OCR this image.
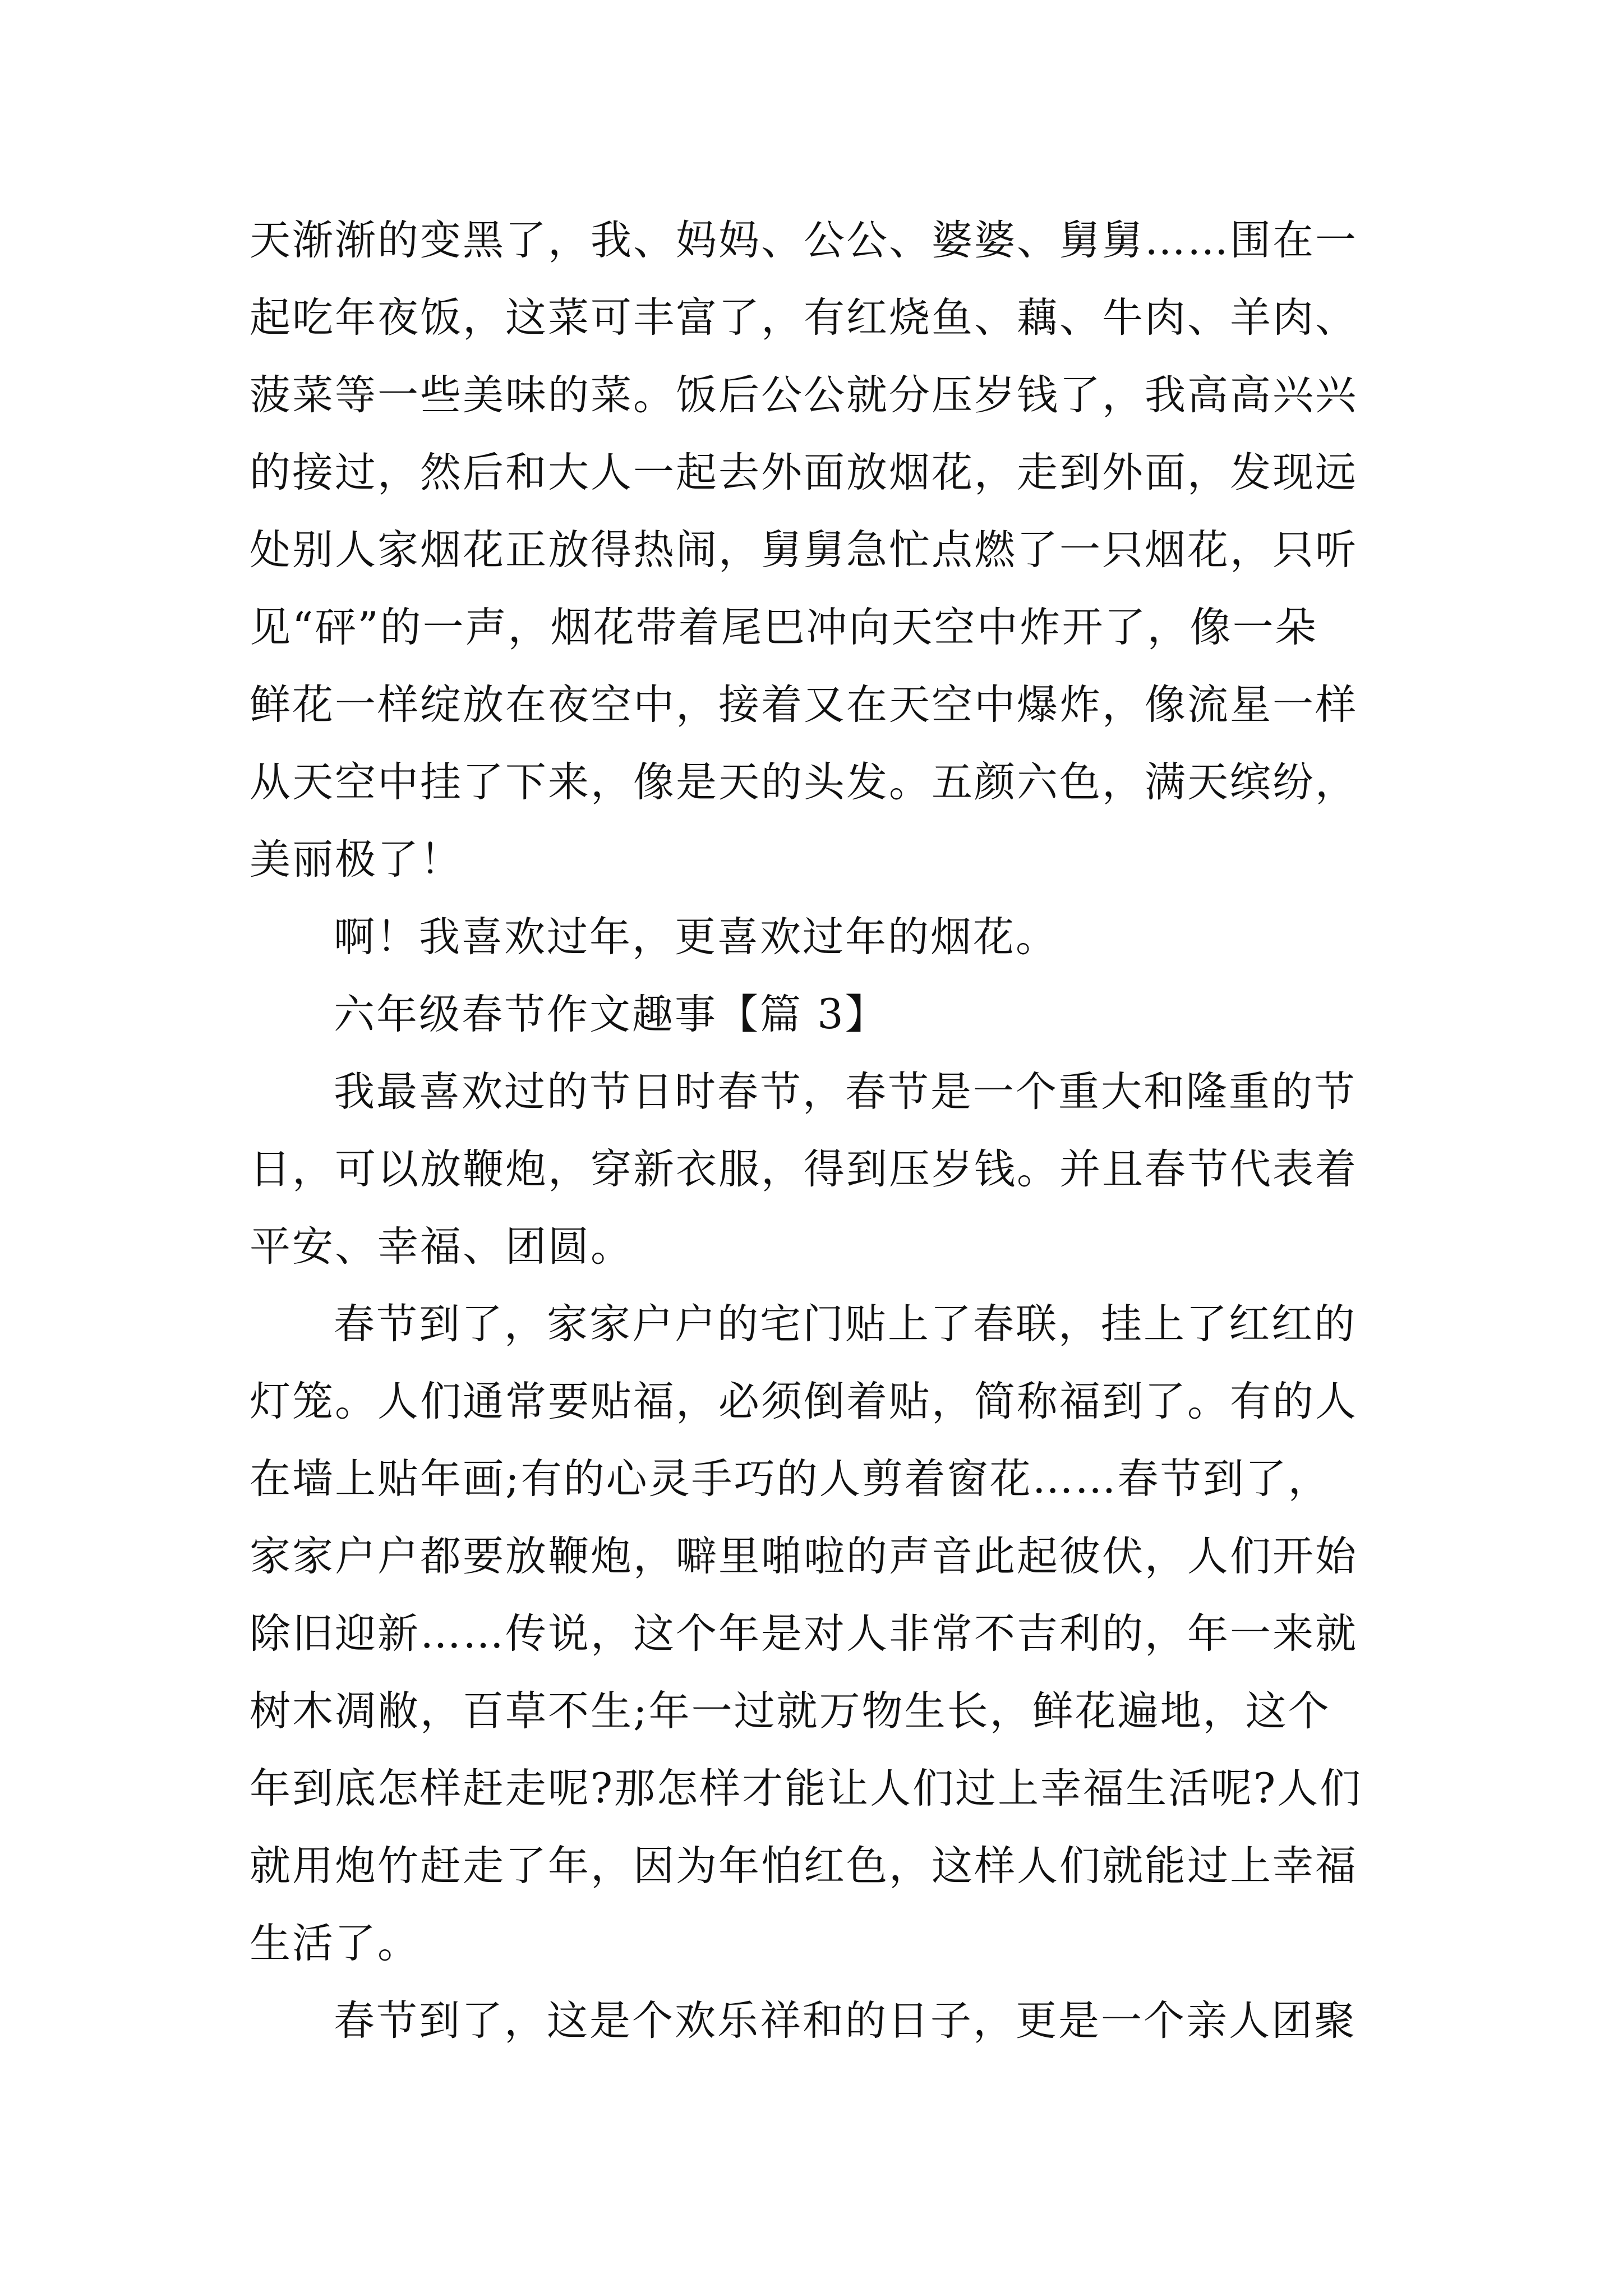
天渐渐的变黑了，我、妈妈、公公、婆婆、舅舅……围在一
起吃年夜饭，这菜可丰富了，有红烧鱼、藕、牛肉、羊肉、
菠菜等一些美味的菜。饭后公公就分压岁钱了，我高高兴兴
的接过，然后和大人一起去外面放烟花，走到外面，发现远
处别人家烟花正放得热闹，舅舅急忙点燃了一只烟花，只听
见“砰”的一声，烟花带着尾巴冲向天空中炸开了，像一朵
鲜花一样绽放在夜空中，接着又在天空中爆炸，像流星一样
从天空中挂了下来，像是天的头发。五颜六色，满天缤纷，
美丽极了！
啊！我喜欢过年，更喜欢过年的烟花。
六年级春节作文趣事【篇 3】
我最喜欢过的节日时春节，春节是一个重大和隆重的节
日，可以放鞭炮，穿新衣服，得到压岁钱。并且春节代表着
平安、幸福、团圆。
春节到了，家家户户的宅门贴上了春联，挂上了红红的
灯笼。人们通常要贴福，必须倒着贴，简称福到了。有的人
在墙上贴年画;有的心灵手巧的人剪着窗花……春节到了，
家家户户都要放鞭炮，噼里啪啦的声音此起彼伏，人们开始
除旧迎新……传说，这个年是对人非常不吉利的，年一来就
树木凋敝，百草不生;年一过就万物生长，鲜花遍地，这个
年到底怎样赶走呢?那怎样才能让人们过上幸福生活呢?人们
就用炮竹赶走了年，因为年怕红色，这样人们就能过上幸福
生活了。
春节到了，这是个欢乐祥和的日子，更是一个亲人团聚
